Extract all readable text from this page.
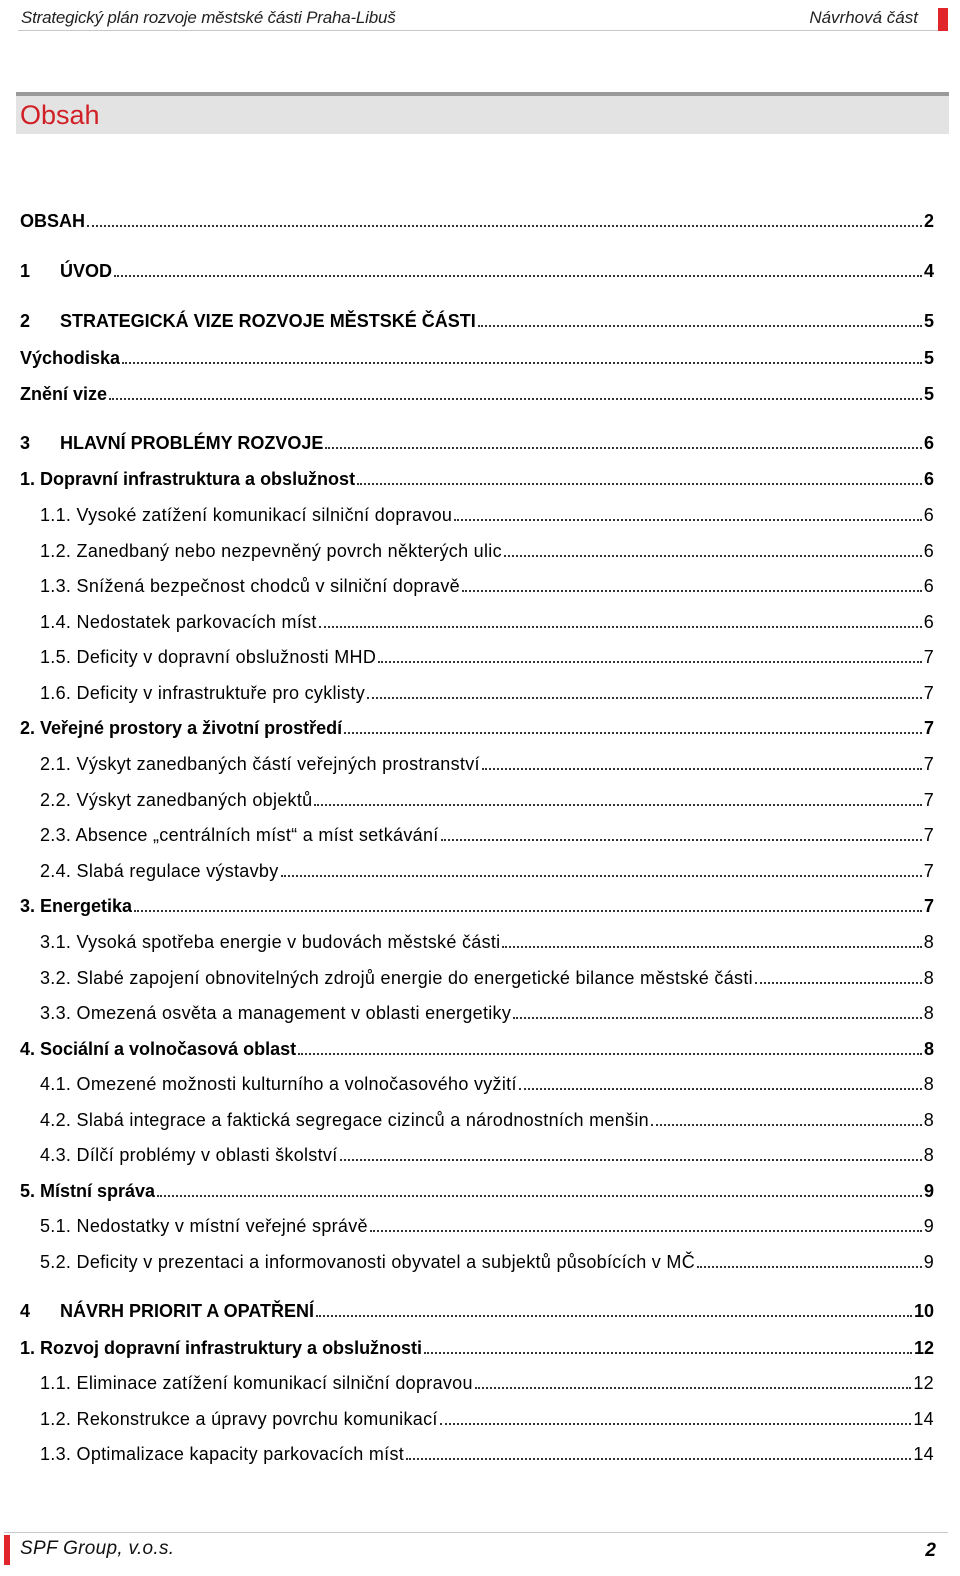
Strategický plán rozvoje městské části Praha-Libuš	Návrhová část
Obsah
OBSAH	2
1	ÚVOD	4
2	STRATEGICKÁ VIZE ROZVOJE MĚSTSKÉ ČÁSTI	5
Východiska	5
Znění vize	5
3	HLAVNÍ PROBLÉMY ROZVOJE	6
1. Dopravní infrastruktura a obslužnost	6
1.1. Vysoké zatížení komunikací silniční dopravou	6
1.2. Zanedbaný nebo nezpevněný povrch některých ulic	6
1.3. Snížená bezpečnost chodců v silniční dopravě	6
1.4. Nedostatek parkovacích míst	6
1.5. Deficity v dopravní obslužnosti MHD	7
1.6. Deficity v infrastruktuře pro cyklisty	7
2. Veřejné prostory a životní prostředí	7
2.1. Výskyt zanedbaných částí veřejných prostranství	7
2.2. Výskyt zanedbaných objektů	7
2.3. Absence „centrálních míst“ a míst setkávání	7
2.4. Slabá regulace výstavby	7
3. Energetika	7
3.1. Vysoká spotřeba energie v budovách městské části	8
3.2. Slabé zapojení obnovitelných zdrojů energie do energetické bilance městské části	8
3.3. Omezená osvěta a management v oblasti energetiky	8
4. Sociální a volnočasová oblast	8
4.1. Omezené možnosti kulturního a volnočasového vyžití	8
4.2. Slabá integrace a faktická segregace cizinců a národnostních menšin	8
4.3. Dílčí problémy v oblasti školství	8
5. Místní správa	9
5.1. Nedostatky v místní veřejné správě	9
5.2. Deficity v prezentaci a informovanosti obyvatel a subjektů působících v MČ	9
4	NÁVRH PRIORIT A OPATŘENÍ	10
1. Rozvoj dopravní infrastruktury a obslužnosti	12
1.1. Eliminace zatížení komunikací silniční dopravou	12
1.2. Rekonstrukce a úpravy povrchu komunikací	14
1.3. Optimalizace kapacity parkovacích míst	14
SPF Group, v.o.s.	2
